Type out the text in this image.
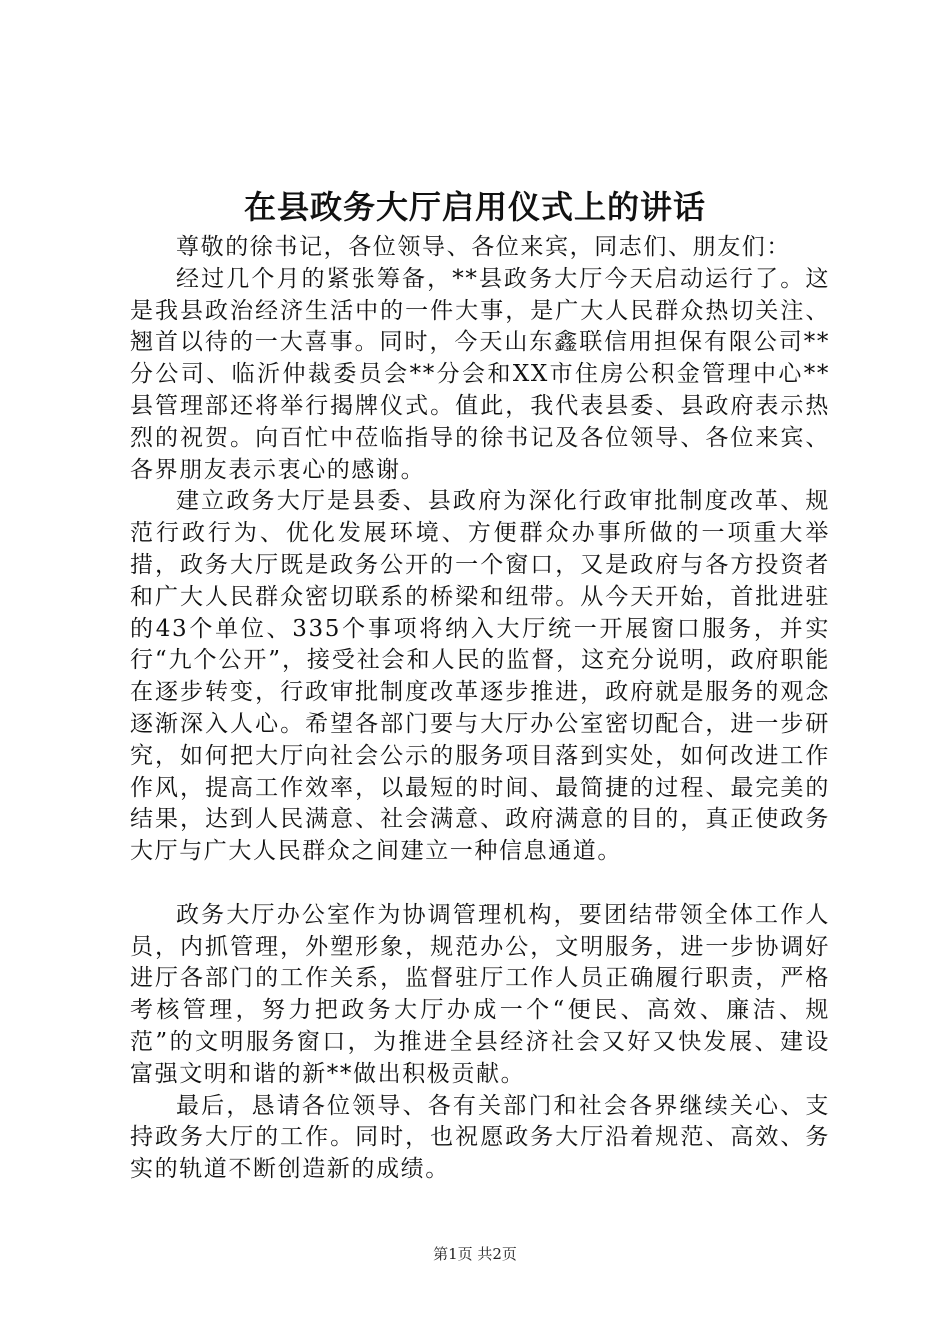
在县政务大厅启用仪式上的讲话

尊敬的徐书记，各位领导、各位来宾，同志们、朋友们：

经过几个月的紧张筹备，**县政务大厅今天启动运行了。这是我县政治经济生活中的一件大事，是广大人民群众热切关注、翘首以待的一大喜事。同时，今天山东鑫联信用担保有限公司**分公司、临沂仲裁委员会**分会和XX市住房公积金管理中心**县管理部还将举行揭牌仪式。值此，我代表县委、县政府表示热烈的祝贺。向百忙中莅临指导的徐书记及各位领导、各位来宾、各界朋友表示衷心的感谢。

建立政务大厅是县委、县政府为深化行政审批制度改革、规范行政行为、优化发展环境、方便群众办事所做的一项重大举措，政务大厅既是政务公开的一个窗口，又是政府与各方投资者和广大人民群众密切联系的桥梁和纽带。从今天开始，首批进驻的43个单位、335个事项将纳入大厅统一开展窗口服务，并实行“九个公开”，接受社会和人民的监督，这充分说明，政府职能在逐步转变，行政审批制度改革逐步推进，政府就是服务的观念逐渐深入人心。希望各部门要与大厅办公室密切配合，进一步研究，如何把大厅向社会公示的服务项目落到实处，如何改进工作作风，提高工作效率，以最短的时间、最简捷的过程、最完美的结果，达到人民满意、社会满意、政府满意的目的，真正使政务大厅与广大人民群众之间建立一种信息通道。

政务大厅办公室作为协调管理机构，要团结带领全体工作人员，内抓管理，外塑形象，规范办公，文明服务，进一步协调好进厅各部门的工作关系，监督驻厅工作人员正确履行职责，严格考核管理，努力把政务大厅办成一个“便民、高效、廉洁、规范”的文明服务窗口，为推进全县经济社会又好又快发展、建设富强文明和谐的新**做出积极贡献。

最后，恳请各位领导、各有关部门和社会各界继续关心、支持政务大厅的工作。同时，也祝愿政务大厅沿着规范、高效、务实的轨道不断创造新的成绩。

第1页 共2页
